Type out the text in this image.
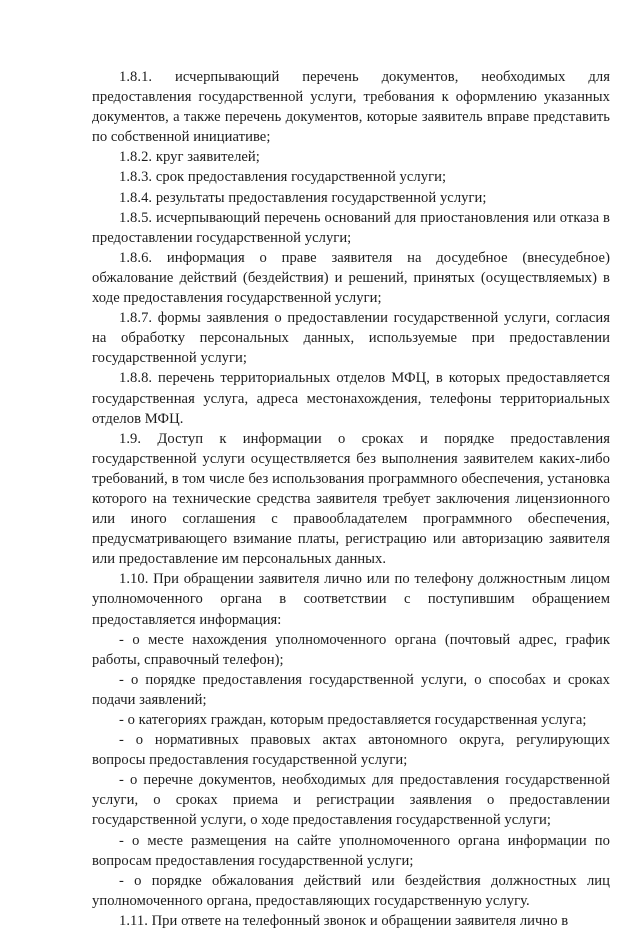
1.8.1. исчерпывающий перечень документов, необходимых для предоставления государственной услуги, требования к оформлению указанных документов, а также перечень документов, которые заявитель вправе представить по собственной инициативе;

1.8.2. круг заявителей;

1.8.3. срок предоставления государственной услуги;

1.8.4. результаты предоставления государственной услуги;

1.8.5. исчерпывающий перечень оснований для приостановления или отказа в предоставлении государственной услуги;

1.8.6. информация о праве заявителя на досудебное (внесудебное) обжалование действий (бездействия) и решений, принятых (осуществляемых) в ходе предоставления государственной услуги;

1.8.7. формы заявления о предоставлении государственной услуги, согласия на обработку персональных данных, используемые при предоставлении государственной услуги;

1.8.8. перечень территориальных отделов МФЦ, в которых предоставляется государственная услуга, адреса местонахождения, телефоны территориальных отделов МФЦ.

1.9. Доступ к информации о сроках и порядке предоставления государственной услуги осуществляется без выполнения заявителем каких-либо требований, в том числе без использования программного обеспечения, установка которого на технические средства заявителя требует заключения лицензионного или иного соглашения с правообладателем программного обеспечения, предусматривающего взимание платы, регистрацию или авторизацию заявителя или предоставление им персональных данных.

1.10. При обращении заявителя лично или по телефону должностным лицом уполномоченного органа в соответствии с поступившим обращением предоставляется информация:

- о месте нахождения уполномоченного органа (почтовый адрес, график работы, справочный телефон);

- о порядке предоставления государственной услуги, о способах и сроках подачи заявлений;

- о категориях граждан, которым предоставляется государственная услуга;

- о нормативных правовых актах автономного округа, регулирующих вопросы предоставления государственной услуги;

- о перечне документов, необходимых для предоставления государственной услуги, о сроках приема и регистрации заявления о предоставлении государственной услуги, о ходе предоставления государственной услуги;

- о месте размещения на сайте уполномоченного органа информации по вопросам предоставления государственной услуги;

- о порядке обжалования действий или бездействия должностных лиц уполномоченного органа, предоставляющих государственную услугу.

1.11. При ответе на телефонный звонок и обращении заявителя лично в
